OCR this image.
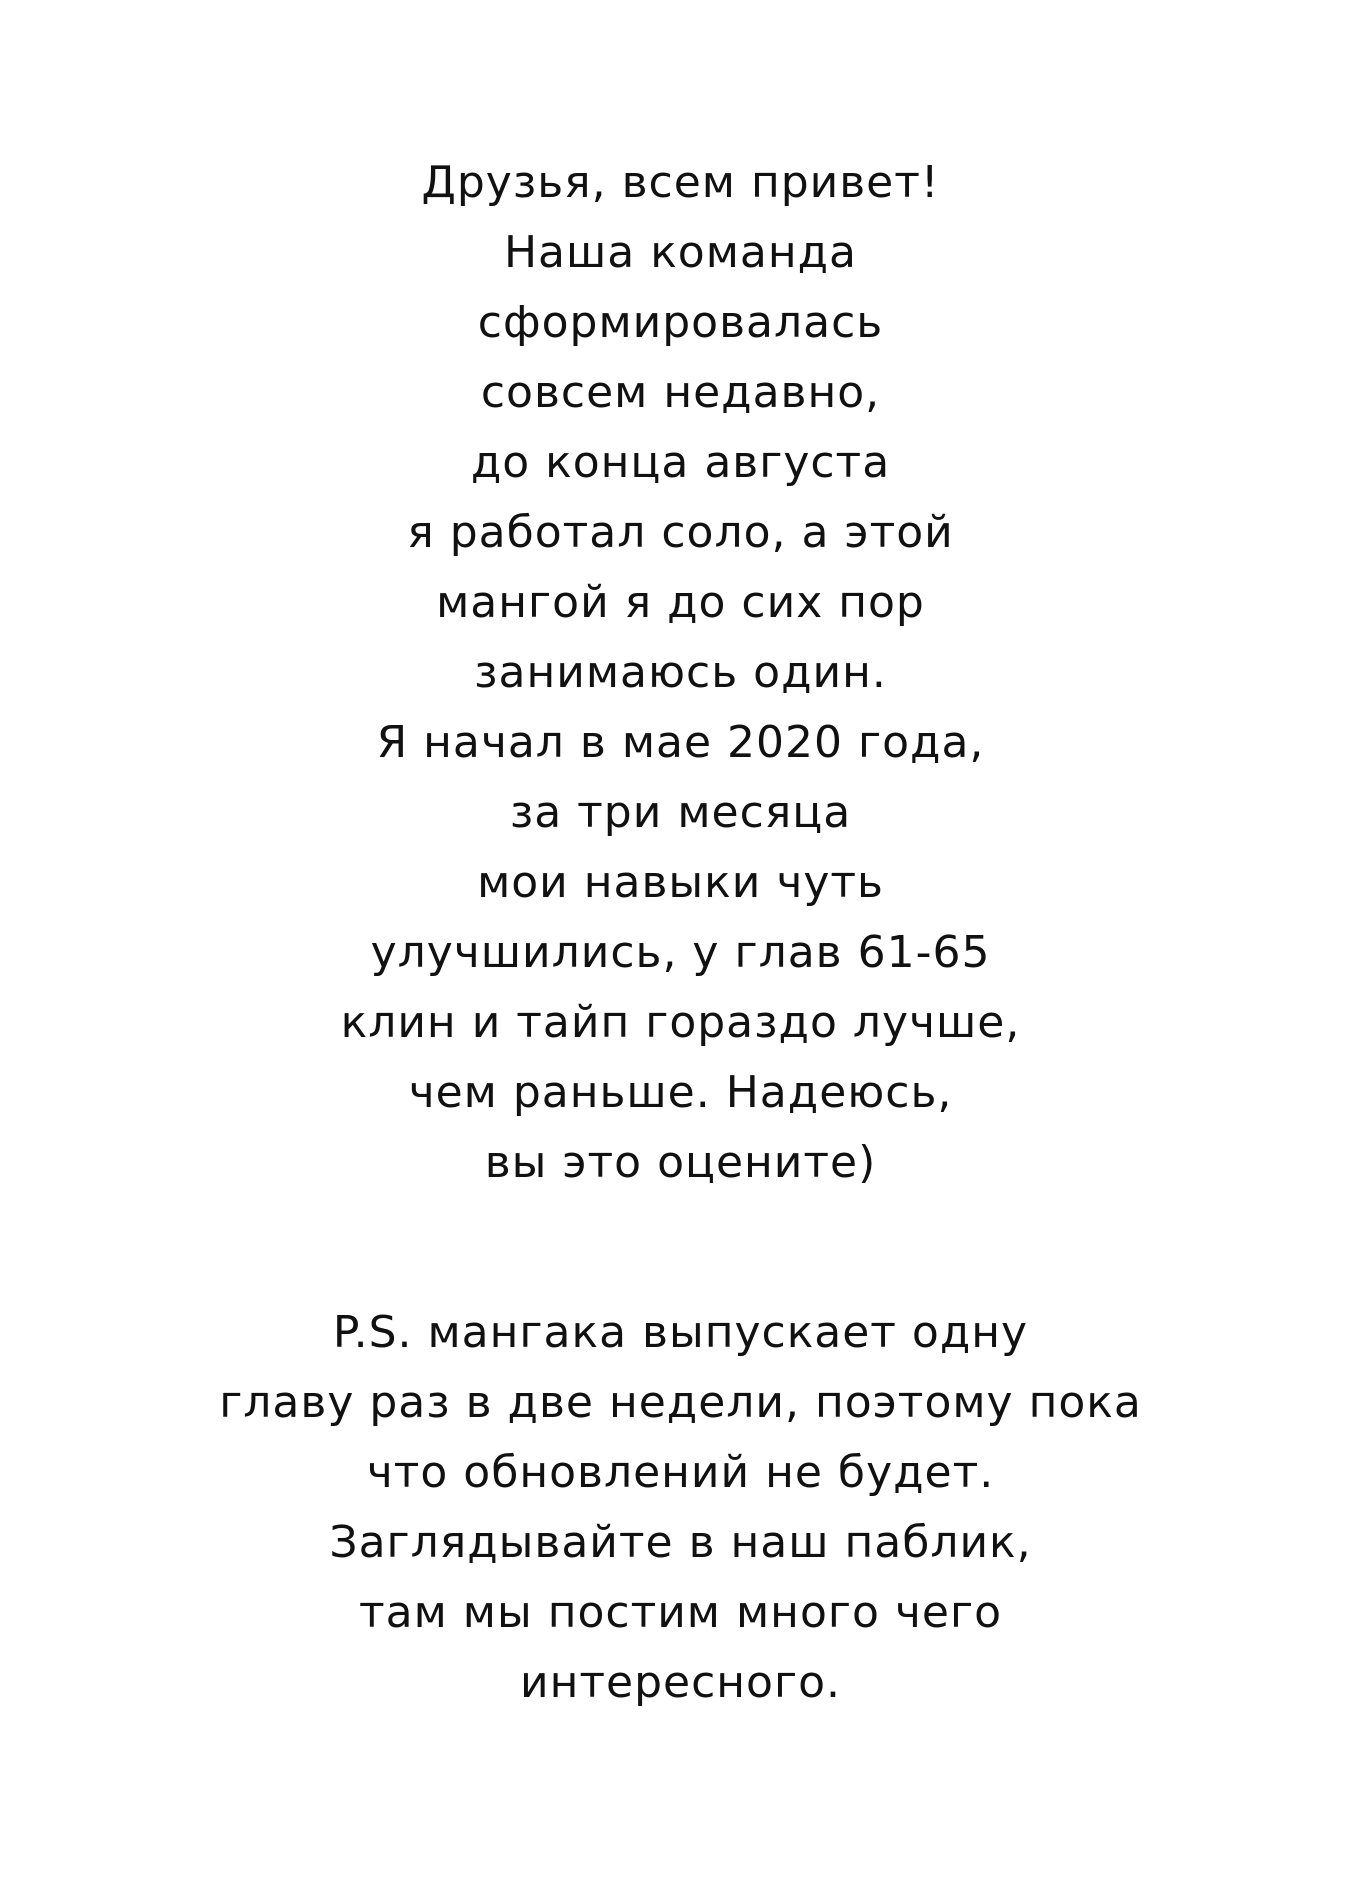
Друзья, всем привет!
Наша команда
сформировалась
совсем недавно,
до конца августа
я работал соло, а этой
мангой я до сих пор
занимаюсь один.
Я начал в мае 2020 года,
за три месяца
мои навыки чуть
улучшились, у глав 61-65
клин и тайп гораздо лучше,
чем раньше. Надеюсь,
вы это оцените)
P.S. мангака выпускает одну
главу раз в две недели, поэтому пока
что обновлений не будет.
Заглядывайте в наш паблик,
там мы постим много чего
интересного.
